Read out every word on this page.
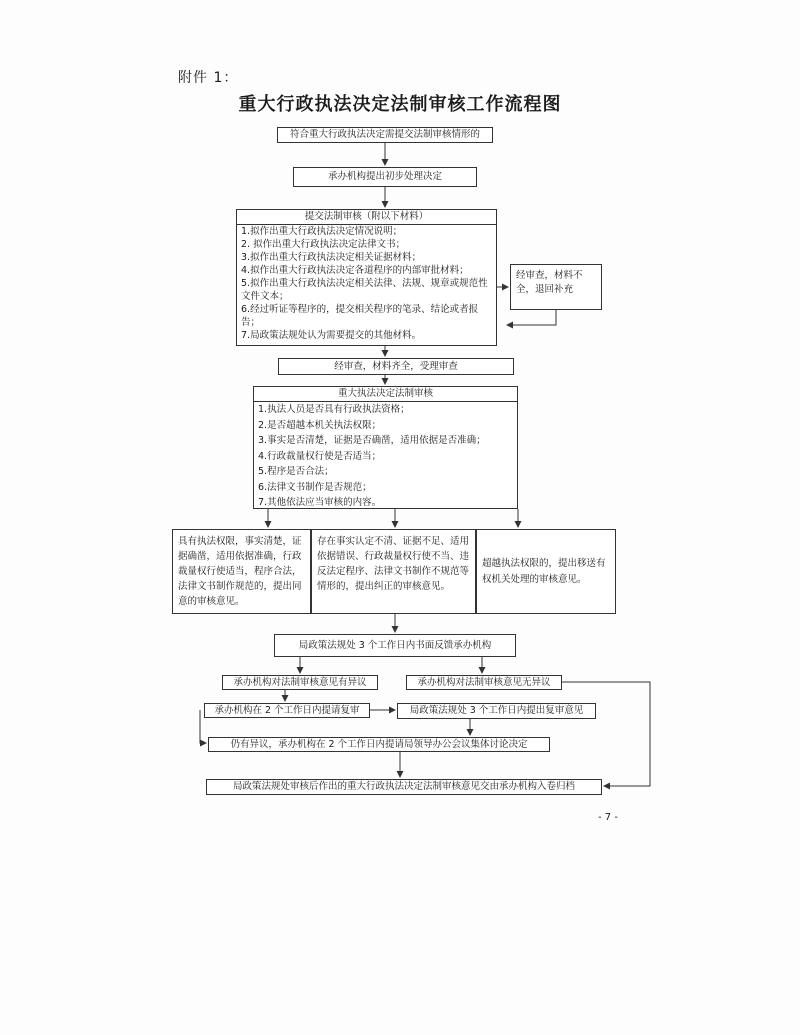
附件 1：
重大行政执法决定法制审核工作流程图
符合重大行政执法决定需提交法制审核情形的
承办机构提出初步处理决定
提交法制审核（附以下材料）
1.拟作出重大行政执法决定情况说明；
2. 拟作出重大行政执法决定法律文书；
3.拟作出重大行政执法决定相关证据材料；
4.拟作出重大行政执法决定各道程序的内部审批材料；
5.拟作出重大行政执法决定相关法律、法规、规章或规范性文件文本；
6.经过听证等程序的，提交相关程序的笔录、结论或者报告；
7.局政策法规处认为需要提交的其他材料。
经审查，材料不全，退回补充
经审查，材料齐全，受理审查
重大执法决定法制审核
1.执法人员是否具有行政执法资格；
2.是否超越本机关执法权限；
3.事实是否清楚，证据是否确凿，适用依据是否准确；
4.行政裁量权行使是否适当；
5.程序是否合法；
6.法律文书制作是否规范；
7.其他依法应当审核的内容。
具有执法权限，事实清楚，证据确凿，适用依据准确，行政裁量权行使适当，程序合法，法律文书制作规范的，提出同意的审核意见。
存在事实认定不清、证据不足、适用依据错误、行政裁量权行使不当、违反法定程序、法律文书制作不规范等情形的，提出纠正的审核意见。
超越执法权限的，提出移送有权机关处理的审核意见。
局政策法规处 3 个工作日内书面反馈承办机构
承办机构对法制审核意见有异议	承办机构对法制审核意见无异议
承办机构在 2 个工作日内提请复审	局政策法规处 3 个工作日内提出复审意见
仍有异议，承办机构在 2 个工作日内提请局领导办公会议集体讨论决定
局政策法规处审核后作出的重大行政执法决定法制审核意见交由承办机构入卷归档
- 7 -
